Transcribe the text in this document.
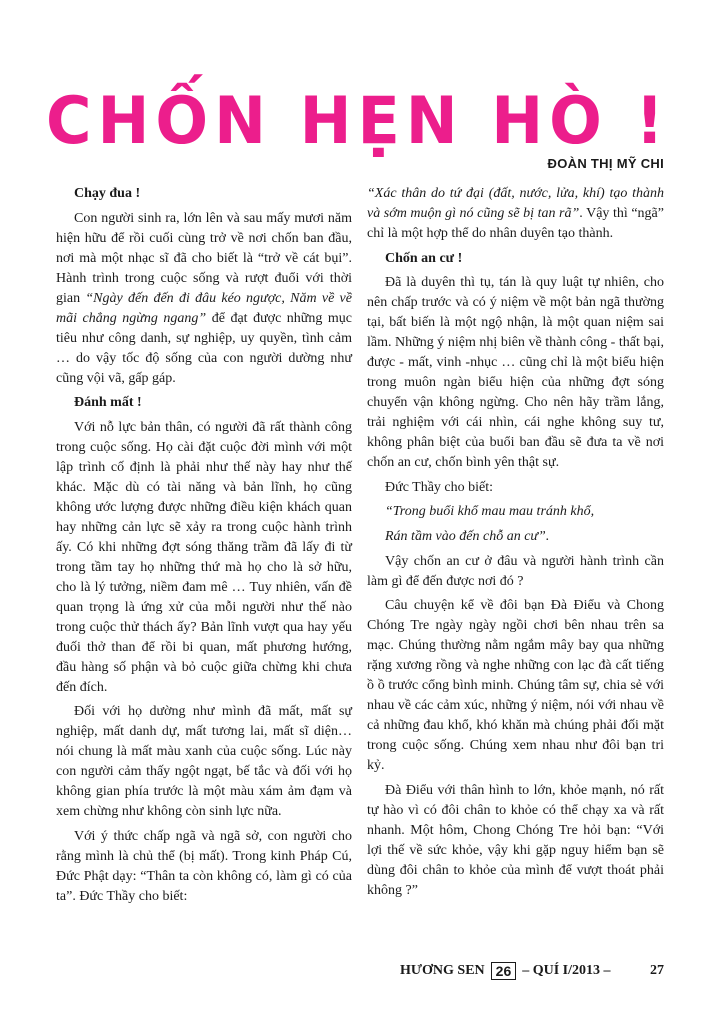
CHỐN HẸN HÒ !
ĐOÀN THỊ MỸ CHI
Chạy đua !

Con người sinh ra, lớn lên và sau mấy mươi năm hiện hữu để rồi cuối cùng trở về nơi chốn ban đầu, nơi mà một nhạc sĩ đã cho biết là “trở về cát bụi”. Hành trình trong cuộc sống và rượt đuổi với thời gian “Ngày đến đến đi đâu kéo ngược, Năm về về mãi chẳng ngừng ngang” để đạt được những mục tiêu như công danh, sự nghiệp, uy quyền, tình cảm … do vậy tốc độ sống của con người dường như cũng vội vã, gấp gáp.

Đánh mất !

Với nỗ lực bản thân, có người đã rất thành công trong cuộc sống. Họ cài đặt cuộc đời mình với một lập trình cố định là phải như thế này hay như thế khác. Mặc dù có tài năng và bản lĩnh, họ cũng không ước lượng được những điều kiện khách quan hay những cản lực sẽ xảy ra trong cuộc hành trình ấy. Có khi những đợt sóng thăng trầm đã lấy đi từ trong tầm tay họ những thứ mà họ cho là sở hữu, cho là lý tưởng, niềm đam mê … Tuy nhiên, vấn đề quan trọng là ứng xử của mỗi người như thế nào trong cuộc thử thách ấy? Bản lĩnh vượt qua hay yếu đuối thở than để rồi bi quan, mất phương hướng, đầu hàng số phận và bỏ cuộc giữa chừng khi chưa đến đích.

Đối với họ dường như mình đã mất, mất sự nghiệp, mất danh dự, mất tương lai, mất sĩ diện… nói chung là mất màu xanh của cuộc sống. Lúc này con người cảm thấy ngột ngạt, bế tắc và đối với họ không gian phía trước là một màu xám ảm đạm và xem chừng như không còn sinh lực nữa.

Với ý thức chấp ngã và ngã sở, con người cho rằng mình là chủ thể (bị mất). Trong kinh Pháp Cú, Đức Phật dạy: “Thân ta còn không có, làm gì có của ta”. Đức Thầy cho biết:

“Xác thân do tứ đại (đất, nước, lửa, khí) tạo thành và sớm muộn gì nó cũng sẽ bị tan rã”. Vậy thì “ngã” chỉ là một hợp thể do nhân duyên tạo thành.

Chốn an cư !

Đã là duyên thì tụ, tán là quy luật tự nhiên, cho nên chấp trước và có ý niệm về một bản ngã thường tại, bất biến là một ngộ nhận, là một quan niệm sai lầm. Những ý niệm nhị biên về thành công - thất bại, được - mất, vinh -nhục … cũng chỉ là một biểu hiện trong muôn ngàn biểu hiện của những đợt sóng chuyển vận không ngừng. Cho nên hãy trầm lắng, trải nghiệm với cái nhìn, cái nghe không suy tư, không phân biệt của buổi ban đầu sẽ đưa ta về nơi chốn an cư, chốn bình yên thật sự.

Đức Thầy cho biết:

“Trong buổi khổ mau mau tránh khổ,

Rán tầm vào đến chỗ an cư”.

Vậy chốn an cư ở đâu và người hành trình cần làm gì để đến được nơi đó ?

Câu chuyện kể về đôi bạn Đà Điểu và Chong Chóng Tre ngày ngày ngồi chơi bên nhau trên sa mạc. Chúng thường nằm ngắm mây bay qua những rặng xương rồng và nghe những con lạc đà cất tiếng ồ ồ trước cổng bình minh. Chúng tâm sự, chia sẻ với nhau về các cảm xúc, những ý niệm, nói với nhau về cả những đau khổ, khó khăn mà chúng phải đối mặt trong cuộc sống. Chúng xem nhau như đôi bạn tri kỷ.

Đà Điểu với thân hình to lớn, khỏe mạnh, nó rất tự hào vì có đôi chân to khỏe có thể chạy xa và rất nhanh. Một hôm, Chong Chóng Tre hỏi bạn: “Với lợi thế về sức khỏe, vậy khi gặp nguy hiểm bạn sẽ dùng đôi chân to khỏe của mình để vượt thoát phải không ?”

HƯƠNG SEN 26 – QUÍ I/2013 –	27
